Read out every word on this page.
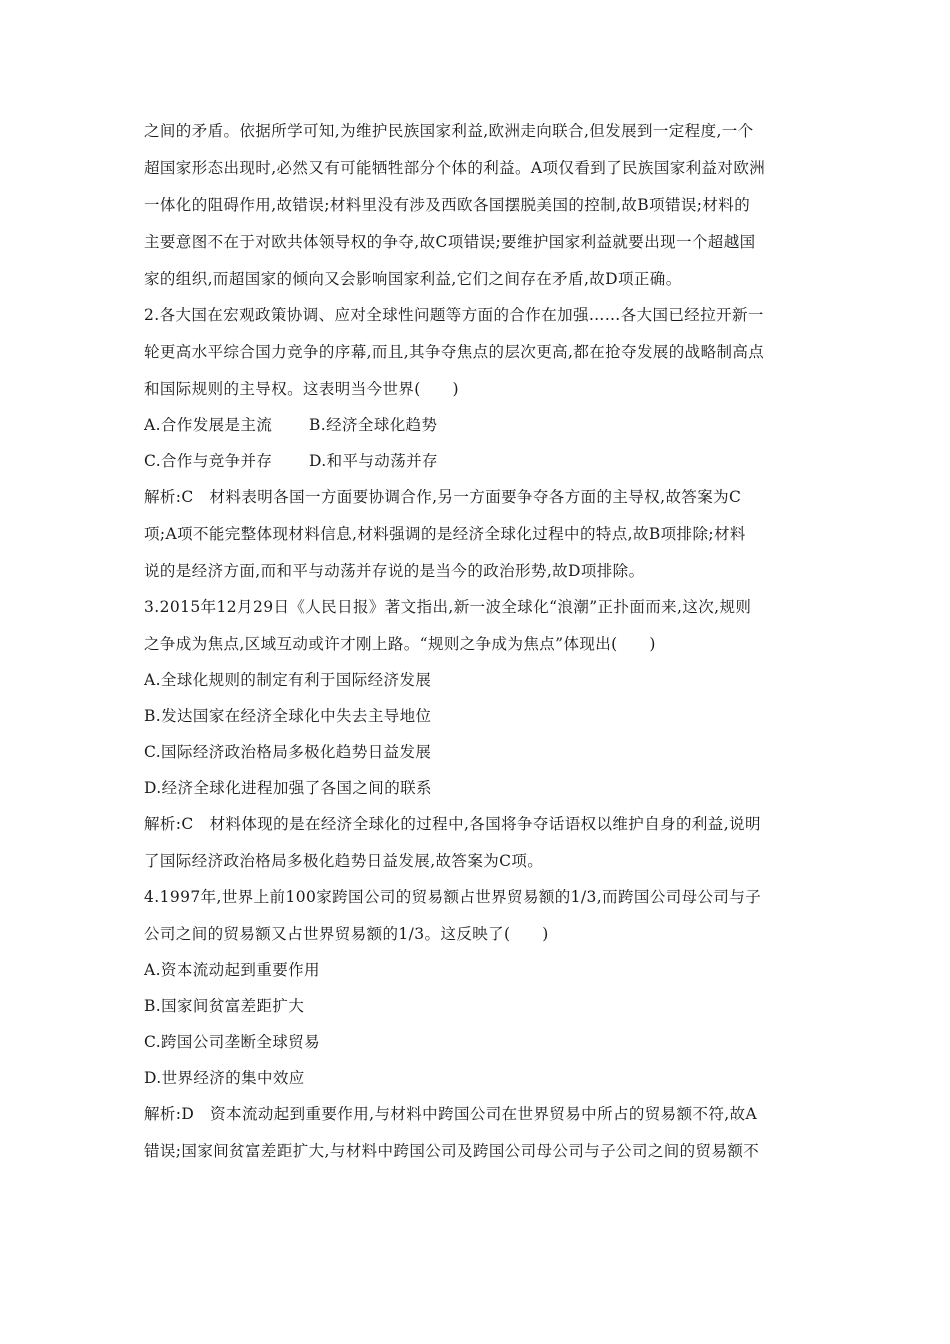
之间的矛盾。依据所学可知,为维护民族国家利益,欧洲走向联合,但发展到一定程度,一个
超国家形态出现时,必然又有可能牺牲部分个体的利益。A项仅看到了民族国家利益对欧洲
一体化的阻碍作用,故错误;材料里没有涉及西欧各国摆脱美国的控制,故B项错误;材料的
主要意图不在于对欧共体领导权的争夺,故C项错误;要维护国家利益就要出现一个超越国
家的组织,而超国家的倾向又会影响国家利益,它们之间存在矛盾,故D项正确。
2.各大国在宏观政策协调、应对全球性问题等方面的合作在加强……各大国已经拉开新一
轮更高水平综合国力竞争的序幕,而且,其争夺焦点的层次更高,都在抢夺发展的战略制高点
和国际规则的主导权。这表明当今世界(　　)
A.合作发展是主流	B.经济全球化趋势
C.合作与竞争并存	D.和平与动荡并存
解析:C　材料表明各国一方面要协调合作,另一方面要争夺各方面的主导权,故答案为C
项;A项不能完整体现材料信息,材料强调的是经济全球化过程中的特点,故B项排除;材料
说的是经济方面,而和平与动荡并存说的是当今的政治形势,故D项排除。
3.2015年12月29日《人民日报》著文指出,新一波全球化“浪潮”正扑面而来,这次,规则
之争成为焦点,区域互动或许才刚上路。“规则之争成为焦点”体现出(　　)
A.全球化规则的制定有利于国际经济发展
B.发达国家在经济全球化中失去主导地位
C.国际经济政治格局多极化趋势日益发展
D.经济全球化进程加强了各国之间的联系
解析:C　材料体现的是在经济全球化的过程中,各国将争夺话语权以维护自身的利益,说明
了国际经济政治格局多极化趋势日益发展,故答案为C项。
4.1997年,世界上前100家跨国公司的贸易额占世界贸易额的1/3,而跨国公司母公司与子
公司之间的贸易额又占世界贸易额的1/3。这反映了(　　)
A.资本流动起到重要作用
B.国家间贫富差距扩大
C.跨国公司垄断全球贸易
D.世界经济的集中效应
解析:D　资本流动起到重要作用,与材料中跨国公司在世界贸易中所占的贸易额不符,故A
错误;国家间贫富差距扩大,与材料中跨国公司及跨国公司母公司与子公司之间的贸易额不
